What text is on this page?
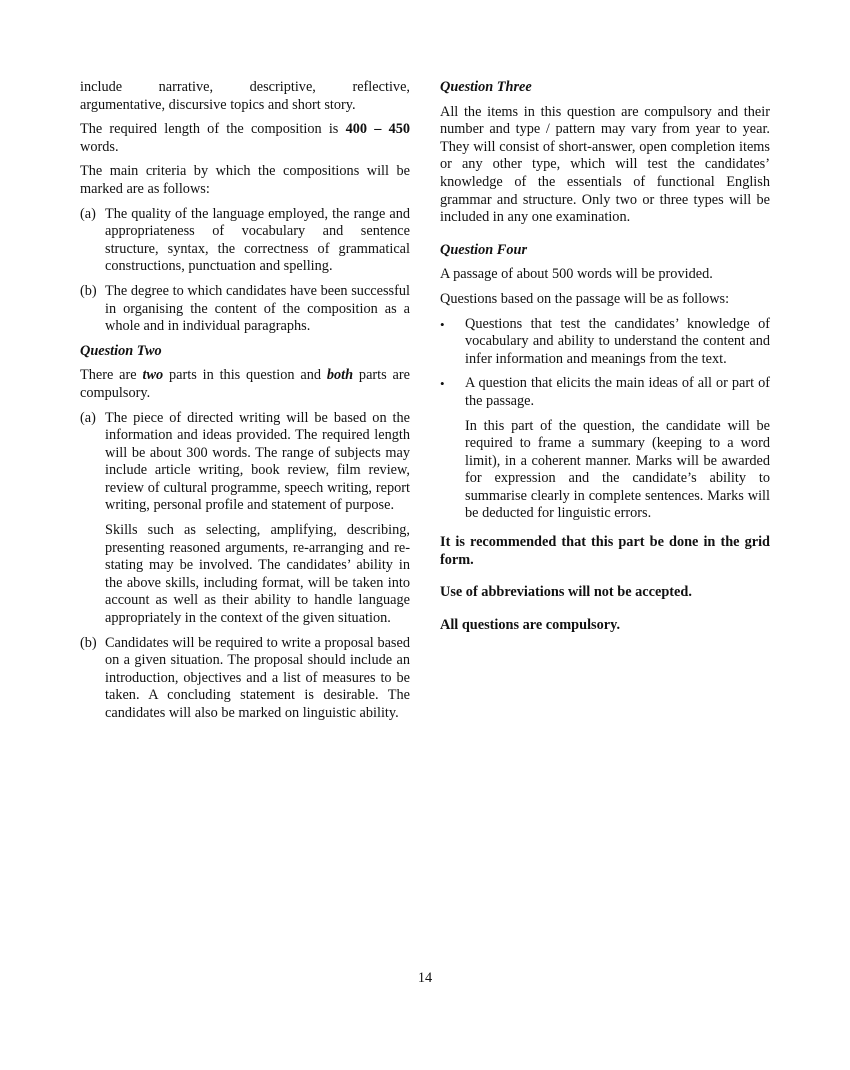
include narrative, descriptive, reflective,
argumentative, discursive topics and short story.

The required length of the composition is 400 – 450 words.

The main criteria by which the compositions will be marked are as follows:

(a) The quality of the language employed, the range and appropriateness of vocabulary and sentence structure, syntax, the correctness of grammatical constructions, punctuation and spelling.
(b) The degree to which candidates have been successful in organising the content of the composition as a whole and in individual paragraphs.

Question Two

There are two parts in this question and both parts are compulsory.

(a) The piece of directed writing will be based on the information and ideas provided. The required length will be about 300 words. The range of subjects may include article writing, book review, film review, review of cultural programme, speech writing, report writing, personal profile and statement of purpose.

Skills such as selecting, amplifying, describing, presenting reasoned arguments, re-arranging and re-stating may be involved. The candidates’ ability in the above skills, including format, will be taken into account as well as their ability to handle language appropriately in the context of the given situation.

(b) Candidates will be required to write a proposal based on a given situation. The proposal should include an introduction, objectives and a list of measures to be taken. A concluding statement is desirable. The candidates will also be marked on linguistic ability.

Question Three

All the items in this question are compulsory and their number and type / pattern may vary from year to year. They will consist of short-answer, open completion items or any other type, which will test the candidates’ knowledge of the essentials of functional English grammar and structure. Only two or three types will be included in any one examination.

Question Four

A passage of about 500 words will be provided.

Questions based on the passage will be as follows:

•	Questions that test the candidates’ knowledge of vocabulary and ability to understand the content and infer information and meanings from the text.
•	A question that elicits the main ideas of all or part of the passage.

In this part of the question, the candidate will be required to frame a summary (keeping to a word limit), in a coherent manner. Marks will be awarded for expression and the candidate’s ability to summarise clearly in complete sentences. Marks will be deducted for linguistic errors.

It is recommended that this part be done in the grid form.

Use of abbreviations will not be accepted.

All questions are compulsory.

14
